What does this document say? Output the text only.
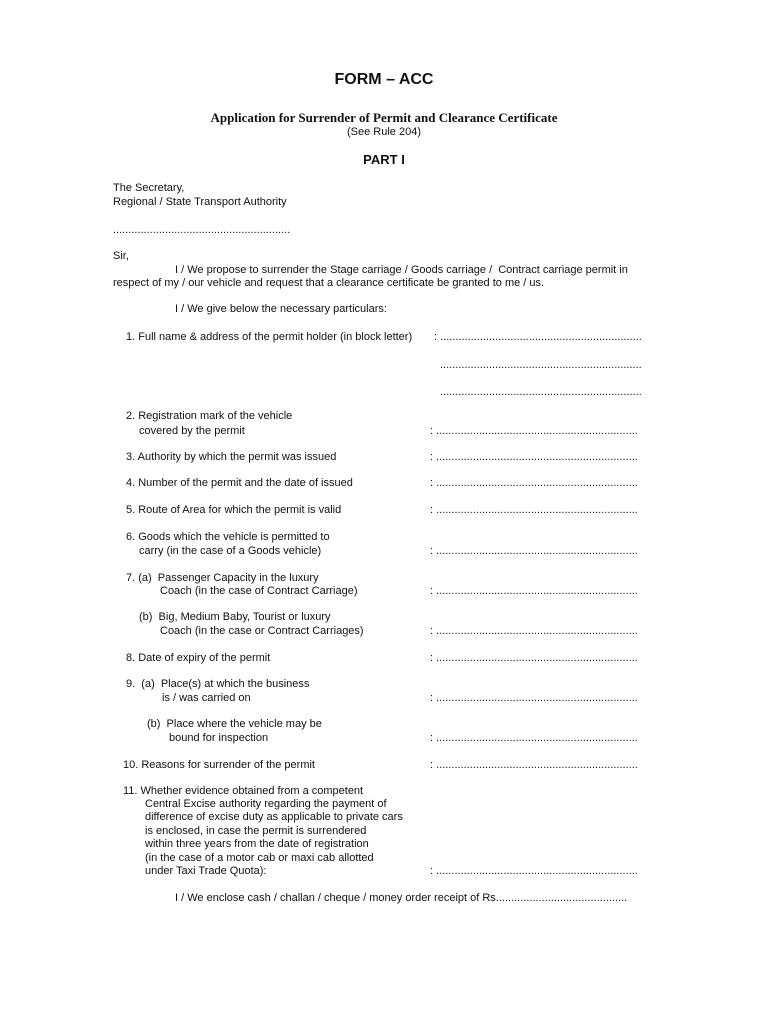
FORM – ACC
Application for Surrender of Permit and Clearance Certificate
(See Rule 204)
PART I
The Secretary,
Regional / State Transport Authority
..........................................................
Sir,
I / We propose to surrender the Stage carriage / Goods carriage /  Contract carriage permit in
respect of my / our vehicle and request that a clearance certificate be granted to me / us.
I / We give below the necessary particulars:
1. Full name & address of the permit holder (in block letter) : ..................................................................
..................................................................
..................................................................
2. Registration mark of the vehicle
covered by the permit	: ..................................................................
3. Authority by which the permit was issued	: ..................................................................
4. Number of the permit and the date of issued	: ..................................................................
5. Route of Area for which the permit is valid	: ..................................................................
6. Goods which the vehicle is permitted to
carry (in the case of a Goods vehicle)	: ..................................................................
7. (a)  Passenger Capacity in the luxury
Coach (in the case of Contract Carriage)	: ..................................................................
(b)  Big, Medium Baby, Tourist or luxury
Coach (in the case or Contract Carriages)	: ..................................................................
8. Date of expiry of the permit	: ..................................................................
9.  (a)  Place(s) at which the business
is / was carried on	: ..................................................................
(b)  Place where the vehicle may be
bound for inspection	: ..................................................................
10. Reasons for surrender of the permit	: ..................................................................
11. Whether evidence obtained from a competent
Central Excise authority regarding the payment of
difference of excise duty as applicable to private cars
is enclosed, in case the permit is surrendered
within three years from the date of registration
(in the case of a motor cab or maxi cab allotted
under Taxi Trade Quota):	: ..................................................................
I / We enclose cash / challan / cheque / money order receipt of Rs...........................................
